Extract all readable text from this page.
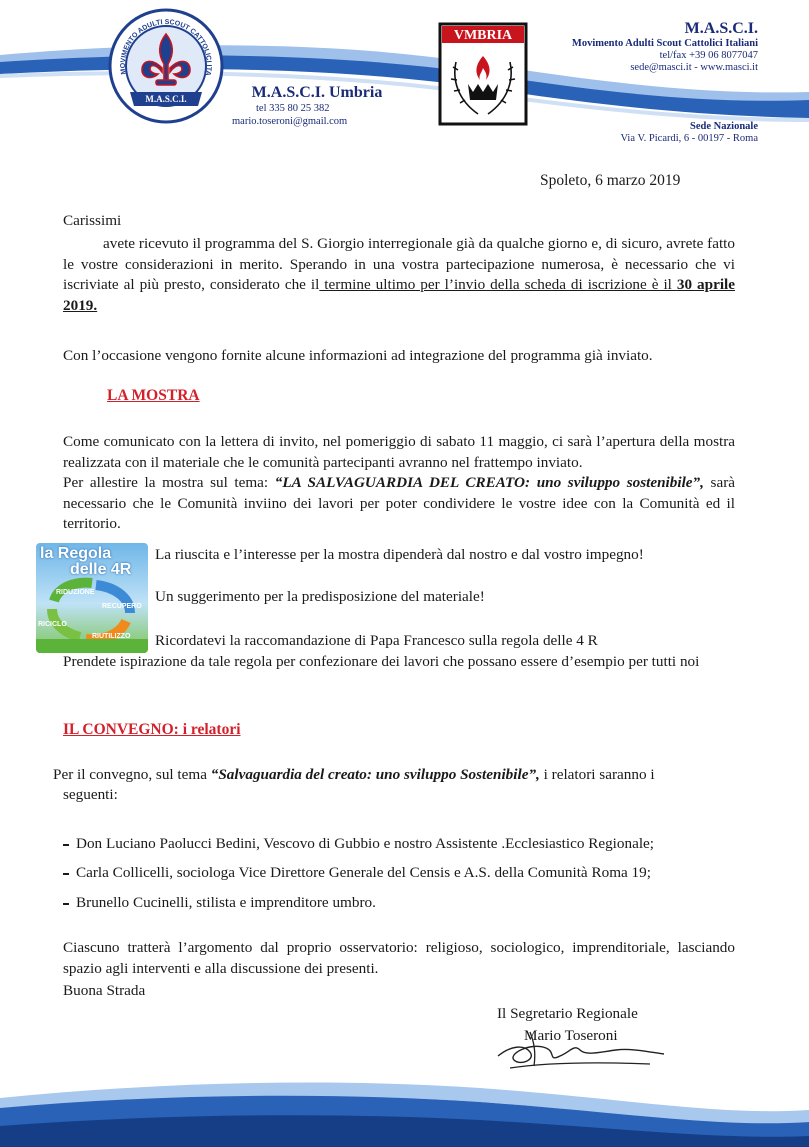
MOVIMENTO ADULTI SCOUT CATTOLICI ITA
M.A.S.C.I.	M.A.S.C.I. Umbria
tel 335 80 25 382
mario.toseroni@gmail.com
VMBRIA	M.A.S.C.I.
Movimento Adulti Scout Cattolici Italiani
tel/fax +39 06 8077047
sede@masci.it - www.masci.it
Sede Nazionale
Via V. Picardi, 6 - 00197 - Roma
Spoleto, 6 marzo 2019
Carissimi

avete ricevuto il programma del S. Giorgio interregionale già da qualche giorno e, di sicuro, avrete fatto le vostre considerazioni in merito. Sperando in una vostra partecipazione numerosa, è necessario che vi iscriviate al più presto, considerato che il termine ultimo per l’invio della scheda di iscrizione è il 30 aprile 2019.

Con l’occasione vengono fornite alcune informazioni ad integrazione del programma già inviato.

LA MOSTRA

Come comunicato con la lettera di invito, nel pomeriggio di sabato 11 maggio, ci sarà l’apertura della mostra realizzata con il materiale che le comunità partecipanti avranno nel frattempo inviato.

Per allestire la mostra sul tema: “LA SALVAGUARDIA DEL CREATO: uno sviluppo sostenibile”, sarà necessario che le Comunità inviino dei lavori per poter condividere le vostre idee con la Comunità ed il territorio.

la Regola
delle 4R
RIDUZIONE
RECUPERO
RICICLO
RIUTILIZZO
La riuscita e l’interesse per la mostra dipenderà dal nostro e dal vostro impegno!
Un suggerimento per la predisposizione del materiale!
Ricordatevi la raccomandazione di Papa Francesco sulla regola delle 4 R

Prendete ispirazione da tale regola per confezionare dei lavori che possano essere d’esempio per tutti noi

IL CONVEGNO: i relatori
Per il convegno, sul tema “Salvaguardia del creato: uno sviluppo Sostenibile”, i relatori saranno i
seguenti:
Don Luciano Paolucci Bedini, Vescovo di Gubbio e nostro Assistente .Ecclesiastico Regionale;
Carla Collicelli, sociologa Vice Direttore Generale del Censis e A.S. della Comunità Roma 19;
Brunello Cucinelli, stilista e imprenditore umbro.

Ciascuno tratterà l’argomento dal proprio osservatorio: religioso, sociologico, imprenditoriale, lasciando spazio agli interventi e alla discussione dei presenti.

Buona Strada
Il Segretario Regionale
Mario Toseroni
